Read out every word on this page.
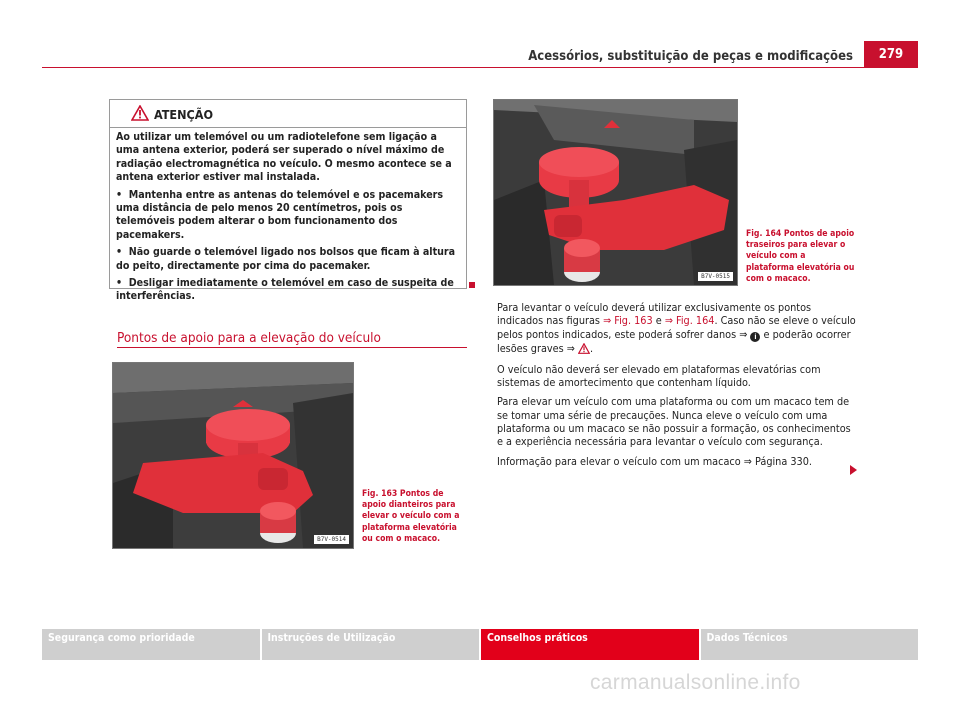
Acessórios, substituição de peças e modificações	279
ATENÇÃO

Ao utilizar um telemóvel ou um radiotelefone sem ligação a uma antena exterior, poderá ser superado o nível máximo de radiação electromagnética no veículo. O mesmo acontece se a antena exterior estiver mal instalada.

• Mantenha entre as antenas do telemóvel e os pacemakers uma distância de pelo menos 20 centímetros, pois os telemóveis podem alterar o bom funcionamento dos pacemakers.

• Não guarde o telemóvel ligado nos bolsos que ficam à altura do peito, directamente por cima do pacemaker.

• Desligar imediatamente o telemóvel em caso de suspeita de interferências.

Pontos de apoio para a elevação do veículo
B7V-0514
Fig. 163 Pontos de apoio dianteiros para elevar o veículo com a plataforma elevatória ou com o macaco.
B7V-0515
Fig. 164 Pontos de apoio traseiros para elevar o veículo com a plataforma elevatória ou com o macaco.

Para levantar o veículo deverá utilizar exclusivamente os pontos indicados nas figuras ⇒ Fig. 163 e ⇒ Fig. 164. Caso não se eleve o veículo pelos pontos indicados, este poderá sofrer danos ⇒ i e poderão ocorrer lesões graves ⇒ .

O veículo não deverá ser elevado em plataformas elevatórias com sistemas de amortecimento que contenham líquido.

Para elevar um veículo com uma plataforma ou com um macaco tem de se tomar uma série de precauções. Nunca eleve o veículo com uma plataforma ou um macaco se não possuir a formação, os conhecimentos e a experiência necessária para levantar o veículo com segurança.

Informação para elevar o veículo com um macaco ⇒ Página 330.

Segurança como prioridade	Instruções de Utilização	Conselhos práticos	Dados Técnicos
carmanualsonline.info
